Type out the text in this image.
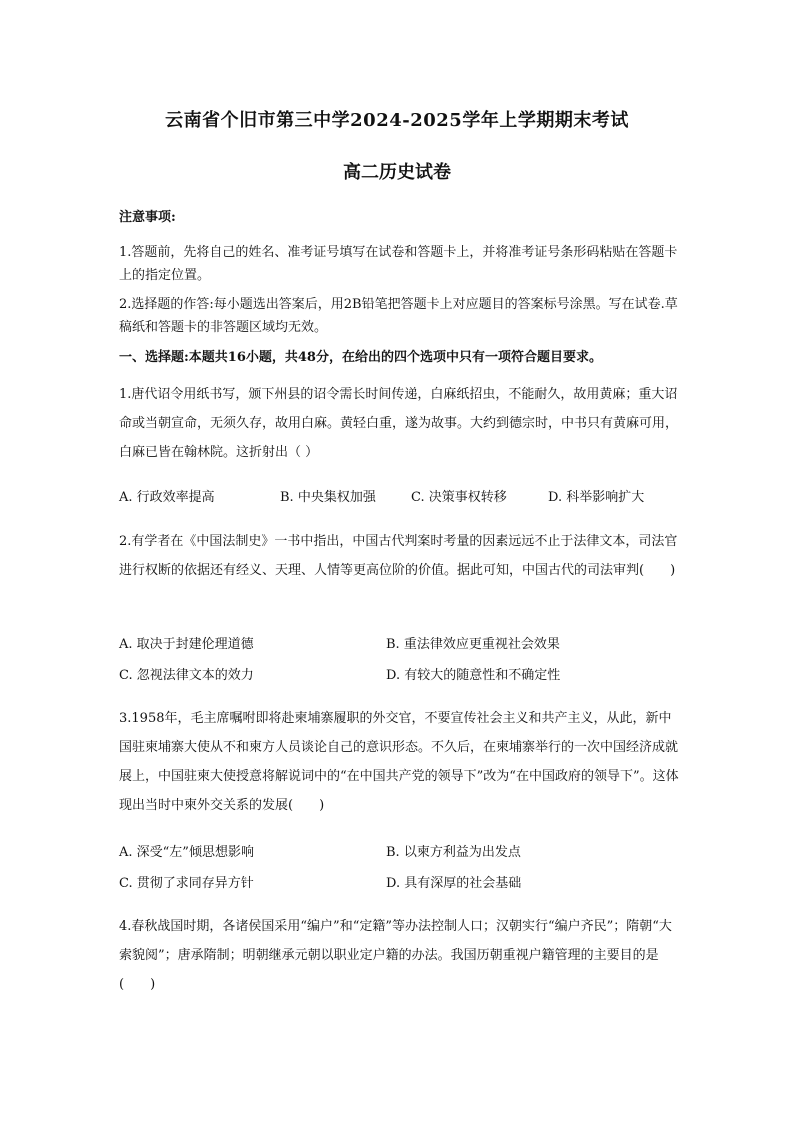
云南省个旧市第三中学2024-2025学年上学期期末考试
高二历史试卷
注意事项:
1.答题前，先将自己的姓名、准考证号填写在试卷和答题卡上，并将准考证号条形码粘贴在答题卡上的指定位置。
2.选择题的作答:每小题选出答案后，用2B铅笔把答题卡上对应题目的答案标号涂黑。写在试卷.草稿纸和答题卡的非答题区域均无效。
一、选择题:本题共16小题，共48分，在给出的四个选项中只有一项符合题目要求。
1.唐代诏令用纸书写，颁下州县的诏令需长时间传递，白麻纸招虫，不能耐久，故用黄麻；重大诏命或当朝宣命，无须久存，故用白麻。黄轻白重，遂为故事。大约到德宗时，中书只有黄麻可用，白麻已皆在翰林院。这折射出（ ）
A. 行政效率提高	B. 中央集权加强	C. 决策事权转移	D. 科举影响扩大
2.有学者在《中国法制史》一书中指出，中国古代判案时考量的因素远远不止于法律文本，司法官进行权断的依据还有经义、天理、人情等更高位阶的价值。据此可知，中国古代的司法审判(　　)
A. 取决于封建伦理道德	B. 重法律效应更重视社会效果
C. 忽视法律文本的效力	D. 有较大的随意性和不确定性
3.1958年，毛主席嘱咐即将赴柬埔寨履职的外交官，不要宣传社会主义和共产主义，从此，新中国驻柬埔寨大使从不和柬方人员谈论自己的意识形态。不久后，在柬埔寨举行的一次中国经济成就展上，中国驻柬大使授意将解说词中的“在中国共产党的领导下”改为“在中国政府的领导下”。这体现出当时中柬外交关系的发展(　　)
A. 深受“左”倾思想影响	B. 以柬方利益为出发点
C. 贯彻了求同存异方针	D. 具有深厚的社会基础
4.春秋战国时期，各诸侯国采用“编户”和“定籍”等办法控制人口；汉朝实行“编户齐民”；隋朝“大索貌阅”；唐承隋制；明朝继承元朝以职业定户籍的办法。我国历朝重视户籍管理的主要目的是(　　)
